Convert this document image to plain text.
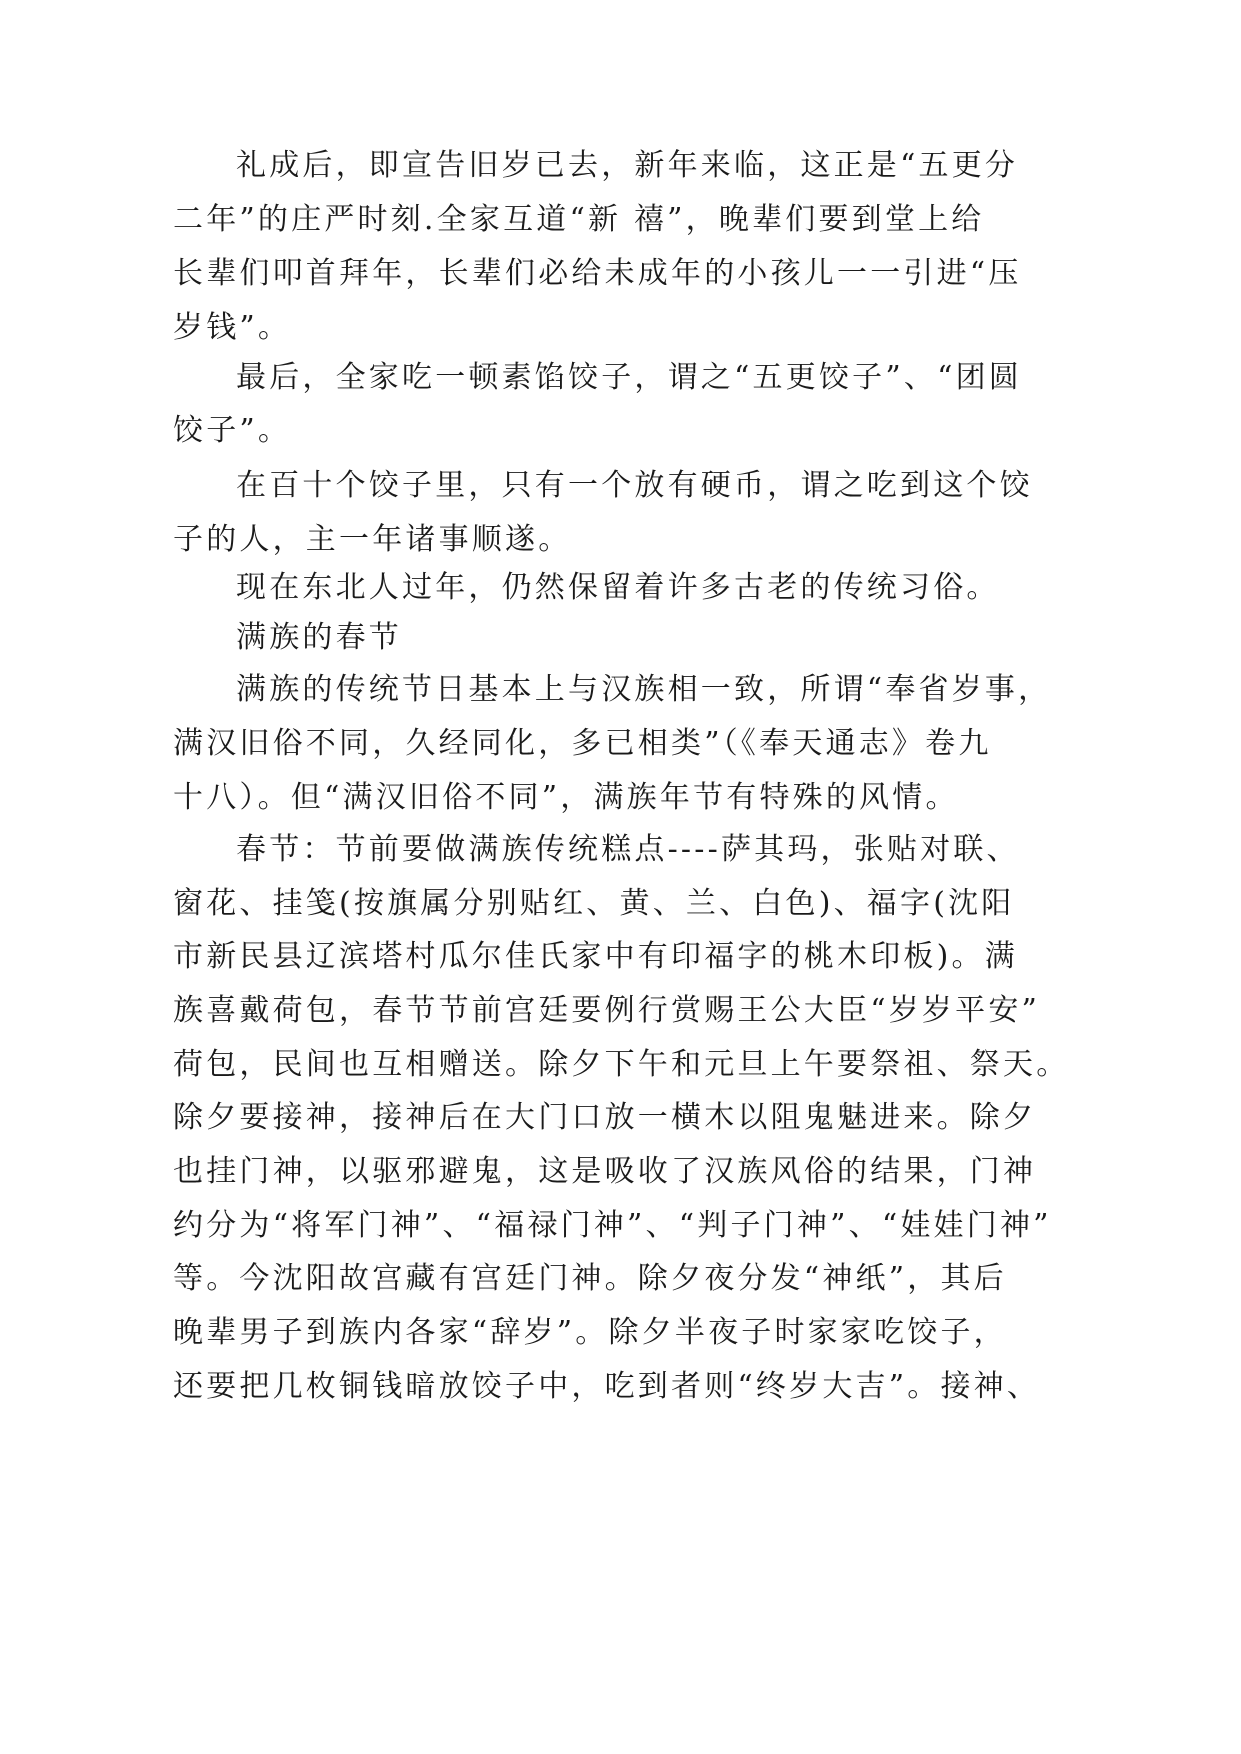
礼成后，即宣告旧岁已去，新年来临，这正是“五更分
二年”的庄严时刻.全家互道“新 禧”，晚辈们要到堂上给
长辈们叩首拜年，长辈们必给未成年的小孩儿一一引进“压
岁钱”。
最后，全家吃一顿素馅饺子，谓之“五更饺子”、“团圆
饺子”。
在百十个饺子里，只有一个放有硬币，谓之吃到这个饺
子的人，主一年诸事顺遂。
现在东北人过年，仍然保留着许多古老的传统习俗。
满族的春节
满族的传统节日基本上与汉族相一致，所谓“奉省岁事，
满汉旧俗不同，久经同化，多已相类”（《奉天通志》卷九
十八）。但“满汉旧俗不同”，满族年节有特殊的风情。
春节：节前要做满族传统糕点----萨其玛，张贴对联、
窗花、挂笺(按旗属分别贴红、黄、兰、白色)、福字(沈阳
市新民县辽滨塔村瓜尔佳氏家中有印福字的桃木印板)。满
族喜戴荷包，春节节前宫廷要例行赏赐王公大臣“岁岁平安”
荷包，民间也互相赠送。除夕下午和元旦上午要祭祖、祭天。
除夕要接神，接神后在大门口放一横木以阻鬼魅进来。除夕
也挂门神，以驱邪避鬼，这是吸收了汉族风俗的结果，门神
约分为“将军门神”、“福禄门神”、“判子门神”、“娃娃门神”
等。今沈阳故宫藏有宫廷门神。除夕夜分发“神纸”，其后
晚辈男子到族内各家“辞岁”。除夕半夜子时家家吃饺子，
还要把几枚铜钱暗放饺子中，吃到者则“终岁大吉”。接神、
